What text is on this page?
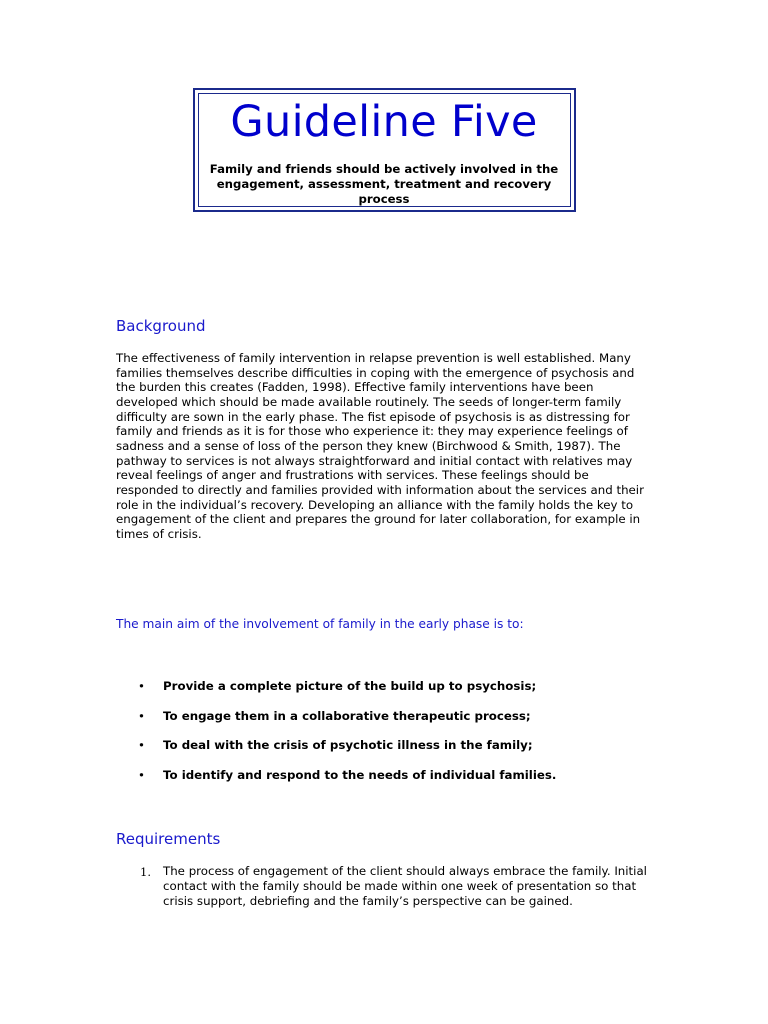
Guideline Five

Family and friends should be actively involved in the engagement, assessment, treatment and recovery process

Background

The effectiveness of family intervention in relapse prevention is well established. Many families themselves describe difficulties in coping with the emergence of psychosis and the burden this creates (Fadden, 1998). Effective family interventions have been developed which should be made available routinely. The seeds of longer-term family difficulty are sown in the early phase. The fist episode of psychosis is as distressing for family and friends as it is for those who experience it: they may experience feelings of sadness and a sense of loss of the person they knew (Birchwood & Smith, 1987). The pathway to services is not always straightforward and initial contact with relatives may reveal feelings of anger and frustrations with services. These feelings should be responded to directly and families provided with information about the services and their role in the individual’s recovery. Developing an alliance with the family holds the key to engagement of the client and prepares the ground for later collaboration, for example in times of crisis.

The main aim of the involvement of family in the early phase is to:

• Provide a complete picture of the build up to psychosis;
• To engage them in a collaborative therapeutic process;
• To deal with the crisis of psychotic illness in the family;
• To identify and respond to the needs of individual families.
Requirements
1. The process of engagement of the client should always embrace the family. Initial contact with the family should be made within one week of presentation so that crisis support, debriefing and the family’s perspective can be gained.
